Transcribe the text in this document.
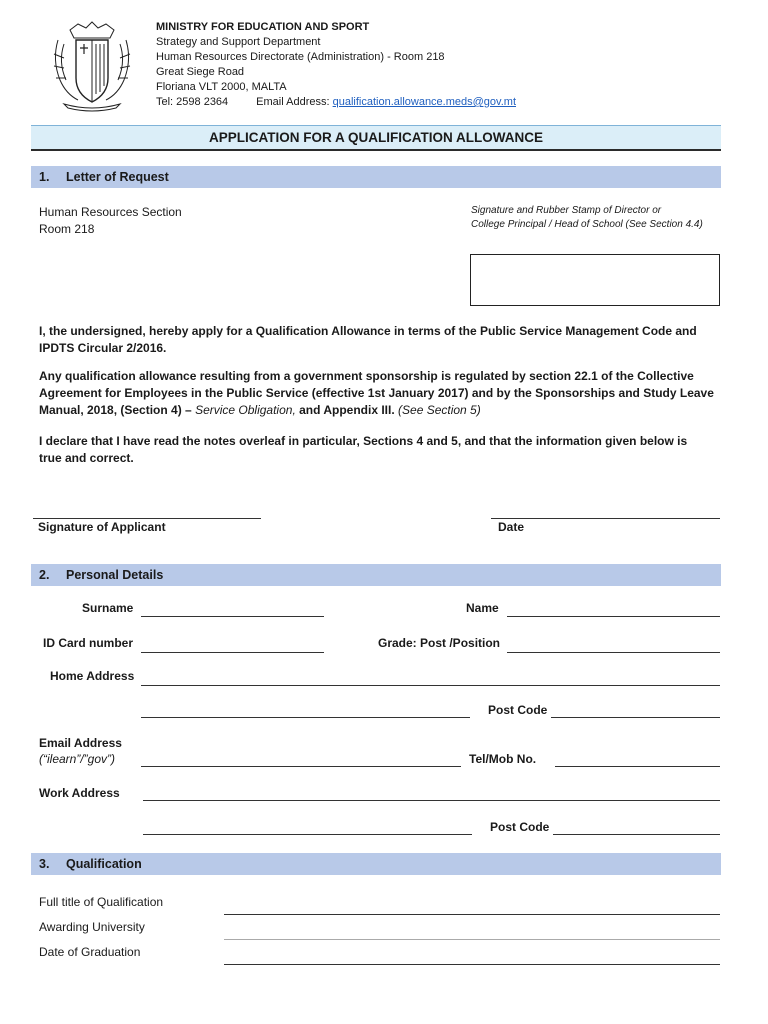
MINISTRY FOR EDUCATION AND SPORT
Strategy and Support Department
Human Resources Directorate (Administration) - Room 218
Great Siege Road
Floriana VLT 2000, MALTA
Tel: 2598 2364	Email Address: qualification.allowance.meds@gov.mt
APPLICATION FOR A QUALIFICATION ALLOWANCE
1. Letter of Request
Human Resources Section
Room 218
Signature and Rubber Stamp of Director or
College Principal / Head of School (See Section 4.4)
I, the undersigned, hereby apply for a Qualification Allowance in terms of the Public Service Management Code and
IPDTS Circular 2/2016.
Any qualification allowance resulting from a government sponsorship is regulated by section 22.1 of the Collective
Agreement for Employees in the Public Service (effective 1st January 2017) and by the Sponsorships and Study Leave
Manual, 2018, (Section 4) – Service Obligation, and Appendix III. (See Section 5)
I declare that I have read the notes overleaf in particular, Sections 4 and 5, and that the information given below is
true and correct.
Signature of Applicant	Date
2. Personal Details
Surname	Name
ID Card number	Grade: Post /Position
Home Address
Post Code
Email Address
(“ilearn”/”gov”)	Tel/Mob No.
Work Address
Post Code
3. Qualification
Full title of Qualification
Awarding University
Date of Graduation
